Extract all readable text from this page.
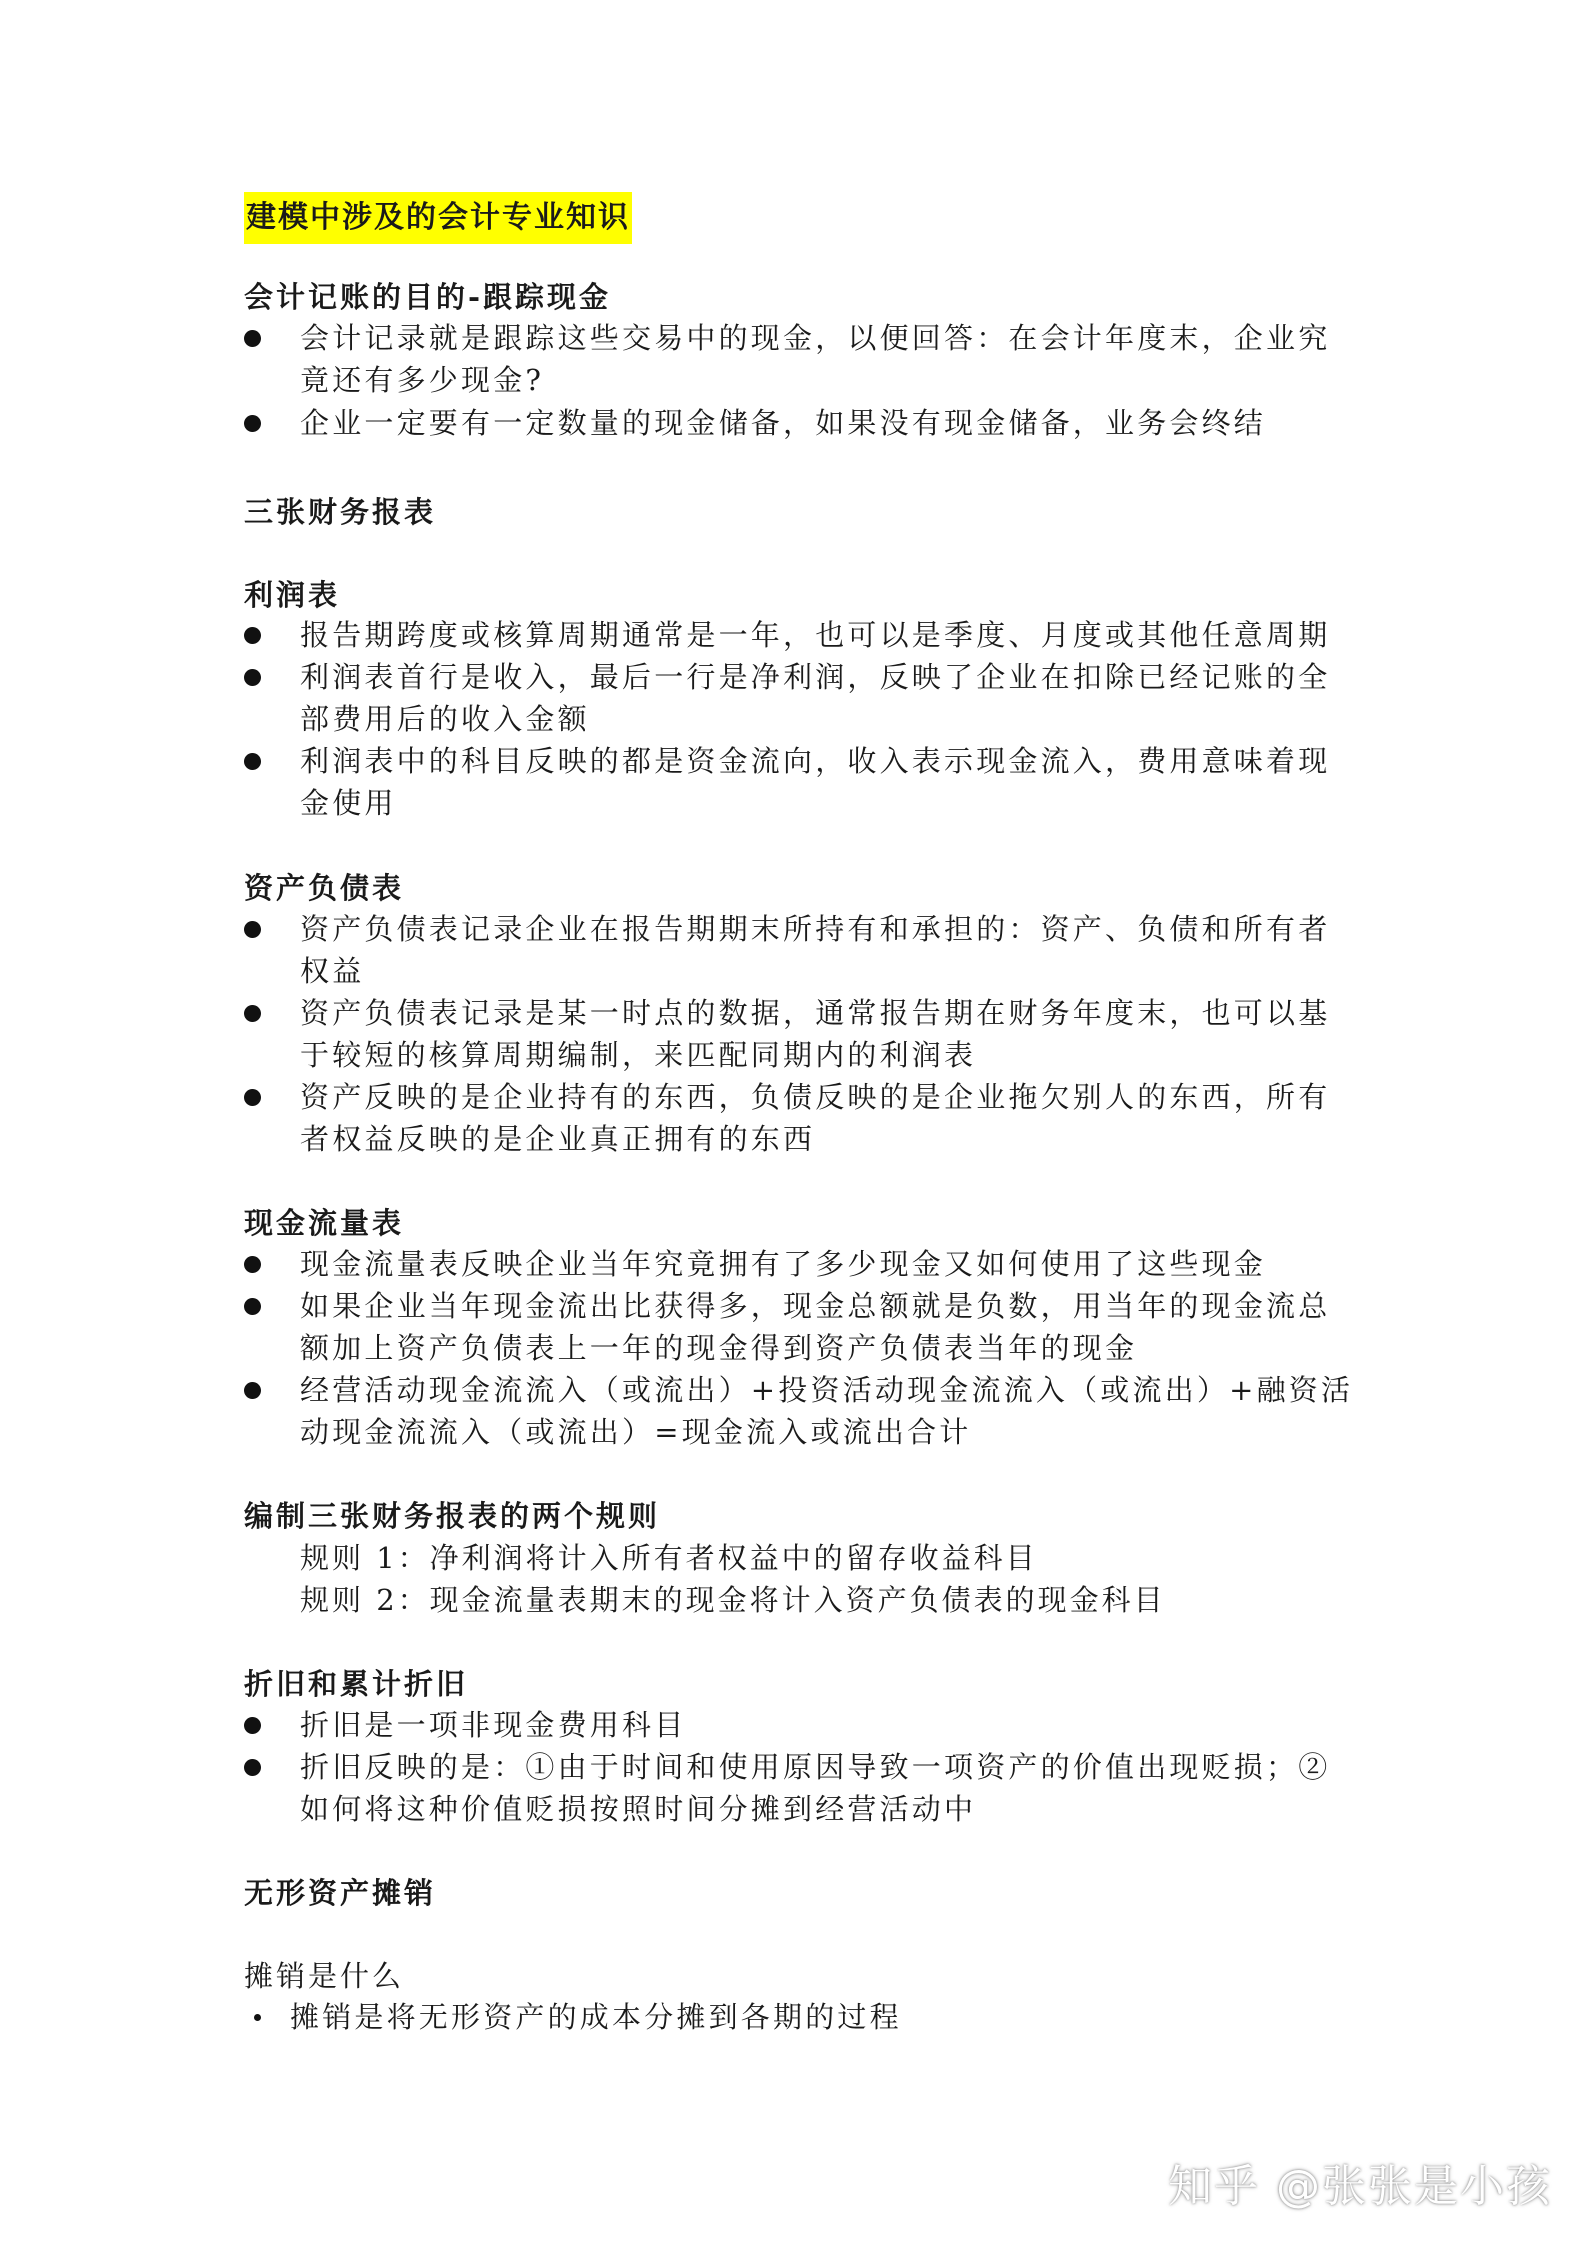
建模中涉及的会计专业知识
会计记账的目的-跟踪现金
会计记录就是跟踪这些交易中的现金，以便回答：在会计年度末，企业究竟还有多少现金?
企业一定要有一定数量的现金储备，如果没有现金储备，业务会终结
三张财务报表
利润表
报告期跨度或核算周期通常是一年，也可以是季度、月度或其他任意周期
利润表首行是收入，最后一行是净利润，反映了企业在扣除已经记账的全部费用后的收入金额
利润表中的科目反映的都是资金流向，收入表示现金流入，费用意味着现金使用
资产负债表
资产负债表记录企业在报告期期末所持有和承担的：资产、负债和所有者权益
资产负债表记录是某一时点的数据，通常报告期在财务年度末，也可以基于较短的核算周期编制，来匹配同期内的利润表
资产反映的是企业持有的东西，负债反映的是企业拖欠别人的东西，所有者权益反映的是企业真正拥有的东西
现金流量表
现金流量表反映企业当年究竟拥有了多少现金又如何使用了这些现金
如果企业当年现金流出比获得多，现金总额就是负数，用当年的现金流总额加上资产负债表上一年的现金得到资产负债表当年的现金
经营活动现金流流入（或流出）+投资活动现金流流入（或流出）+融资活动现金流流入（或流出）=现金流入或流出合计
编制三张财务报表的两个规则
规则 1：净利润将计入所有者权益中的留存收益科目
规则 2：现金流量表期末的现金将计入资产负债表的现金科目
折旧和累计折旧
折旧是一项非现金费用科目
折旧反映的是：①由于时间和使用原因导致一项资产的价值出现贬损；②如何将这种价值贬损按照时间分摊到经营活动中
无形资产摊销
摊销是什么
摊销是将无形资产的成本分摊到各期的过程
知乎 @张张是小孩
